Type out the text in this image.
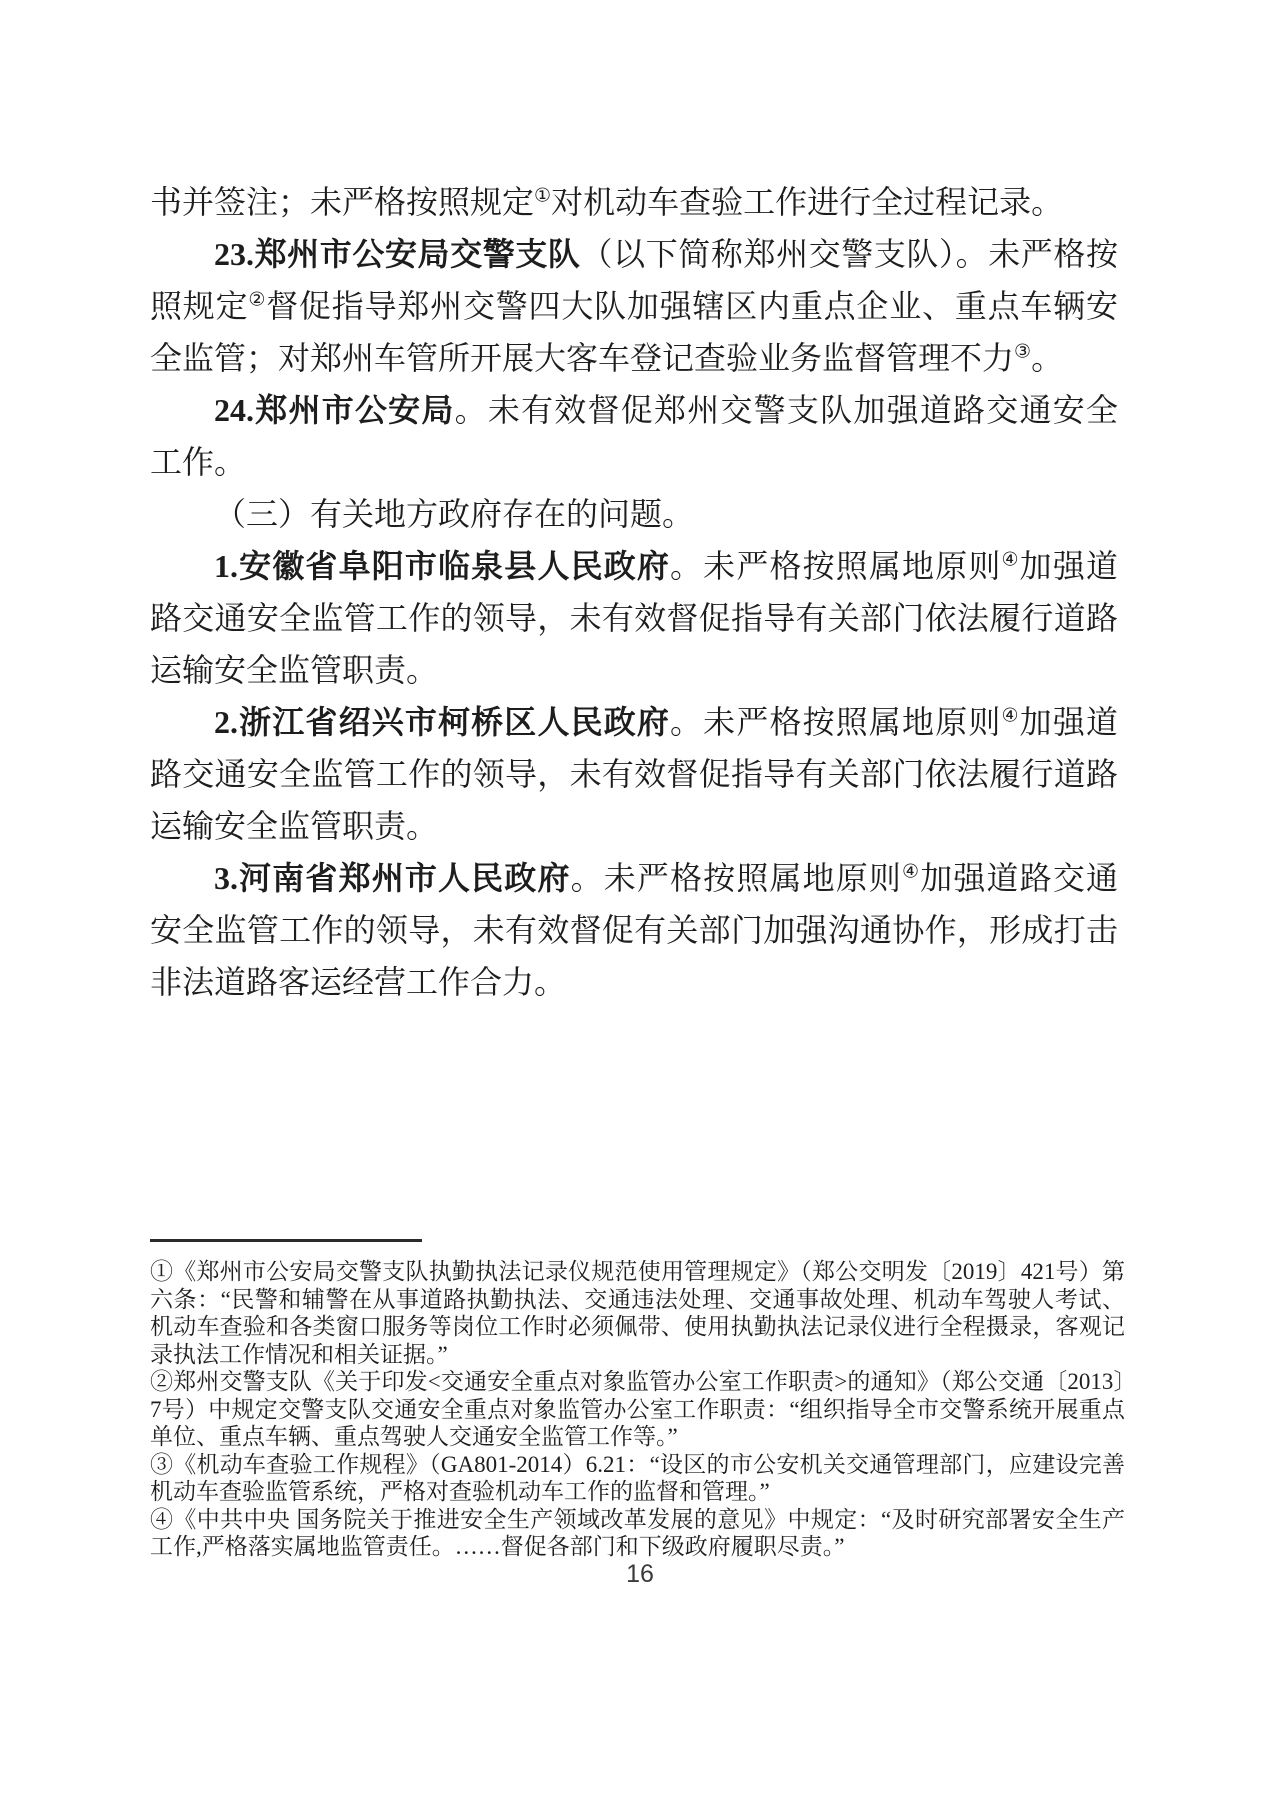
书并签注；未严格按照规定①对机动车查验工作进行全过程记录。

23.郑州市公安局交警支队（以下简称郑州交警支队）。未严格按照规定②督促指导郑州交警四大队加强辖区内重点企业、重点车辆安全监管；对郑州车管所开展大客车登记查验业务监督管理不力③。

24.郑州市公安局。未有效督促郑州交警支队加强道路交通安全工作。

（三）有关地方政府存在的问题。

1.安徽省阜阳市临泉县人民政府。未严格按照属地原则④加强道路交通安全监管工作的领导，未有效督促指导有关部门依法履行道路运输安全监管职责。

2.浙江省绍兴市柯桥区人民政府。未严格按照属地原则④加强道路交通安全监管工作的领导，未有效督促指导有关部门依法履行道路运输安全监管职责。

3.河南省郑州市人民政府。未严格按照属地原则④加强道路交通安全监管工作的领导，未有效督促有关部门加强沟通协作，形成打击非法道路客运经营工作合力。

①《郑州市公安局交警支队执勤执法记录仪规范使用管理规定》（郑公交明发〔2019〕421号）第六条：“民警和辅警在从事道路执勤执法、交通违法处理、交通事故处理、机动车驾驶人考试、机动车查验和各类窗口服务等岗位工作时必须佩带、使用执勤执法记录仪进行全程摄录，客观记录执法工作情况和相关证据。”

②郑州交警支队《关于印发<交通安全重点对象监管办公室工作职责>的通知》（郑公交通〔2013〕7号）中规定交警支队交通安全重点对象监管办公室工作职责：“组织指导全市交警系统开展重点单位、重点车辆、重点驾驶人交通安全监管工作等。”

③《机动车查验工作规程》（GA801-2014）6.21：“设区的市公安机关交通管理部门，应建设完善机动车查验监管系统，严格对查验机动车工作的监督和管理。”

④《中共中央 国务院关于推进安全生产领域改革发展的意见》中规定：“及时研究部署安全生产工作,严格落实属地监管责任。……督促各部门和下级政府履职尽责。”

16
